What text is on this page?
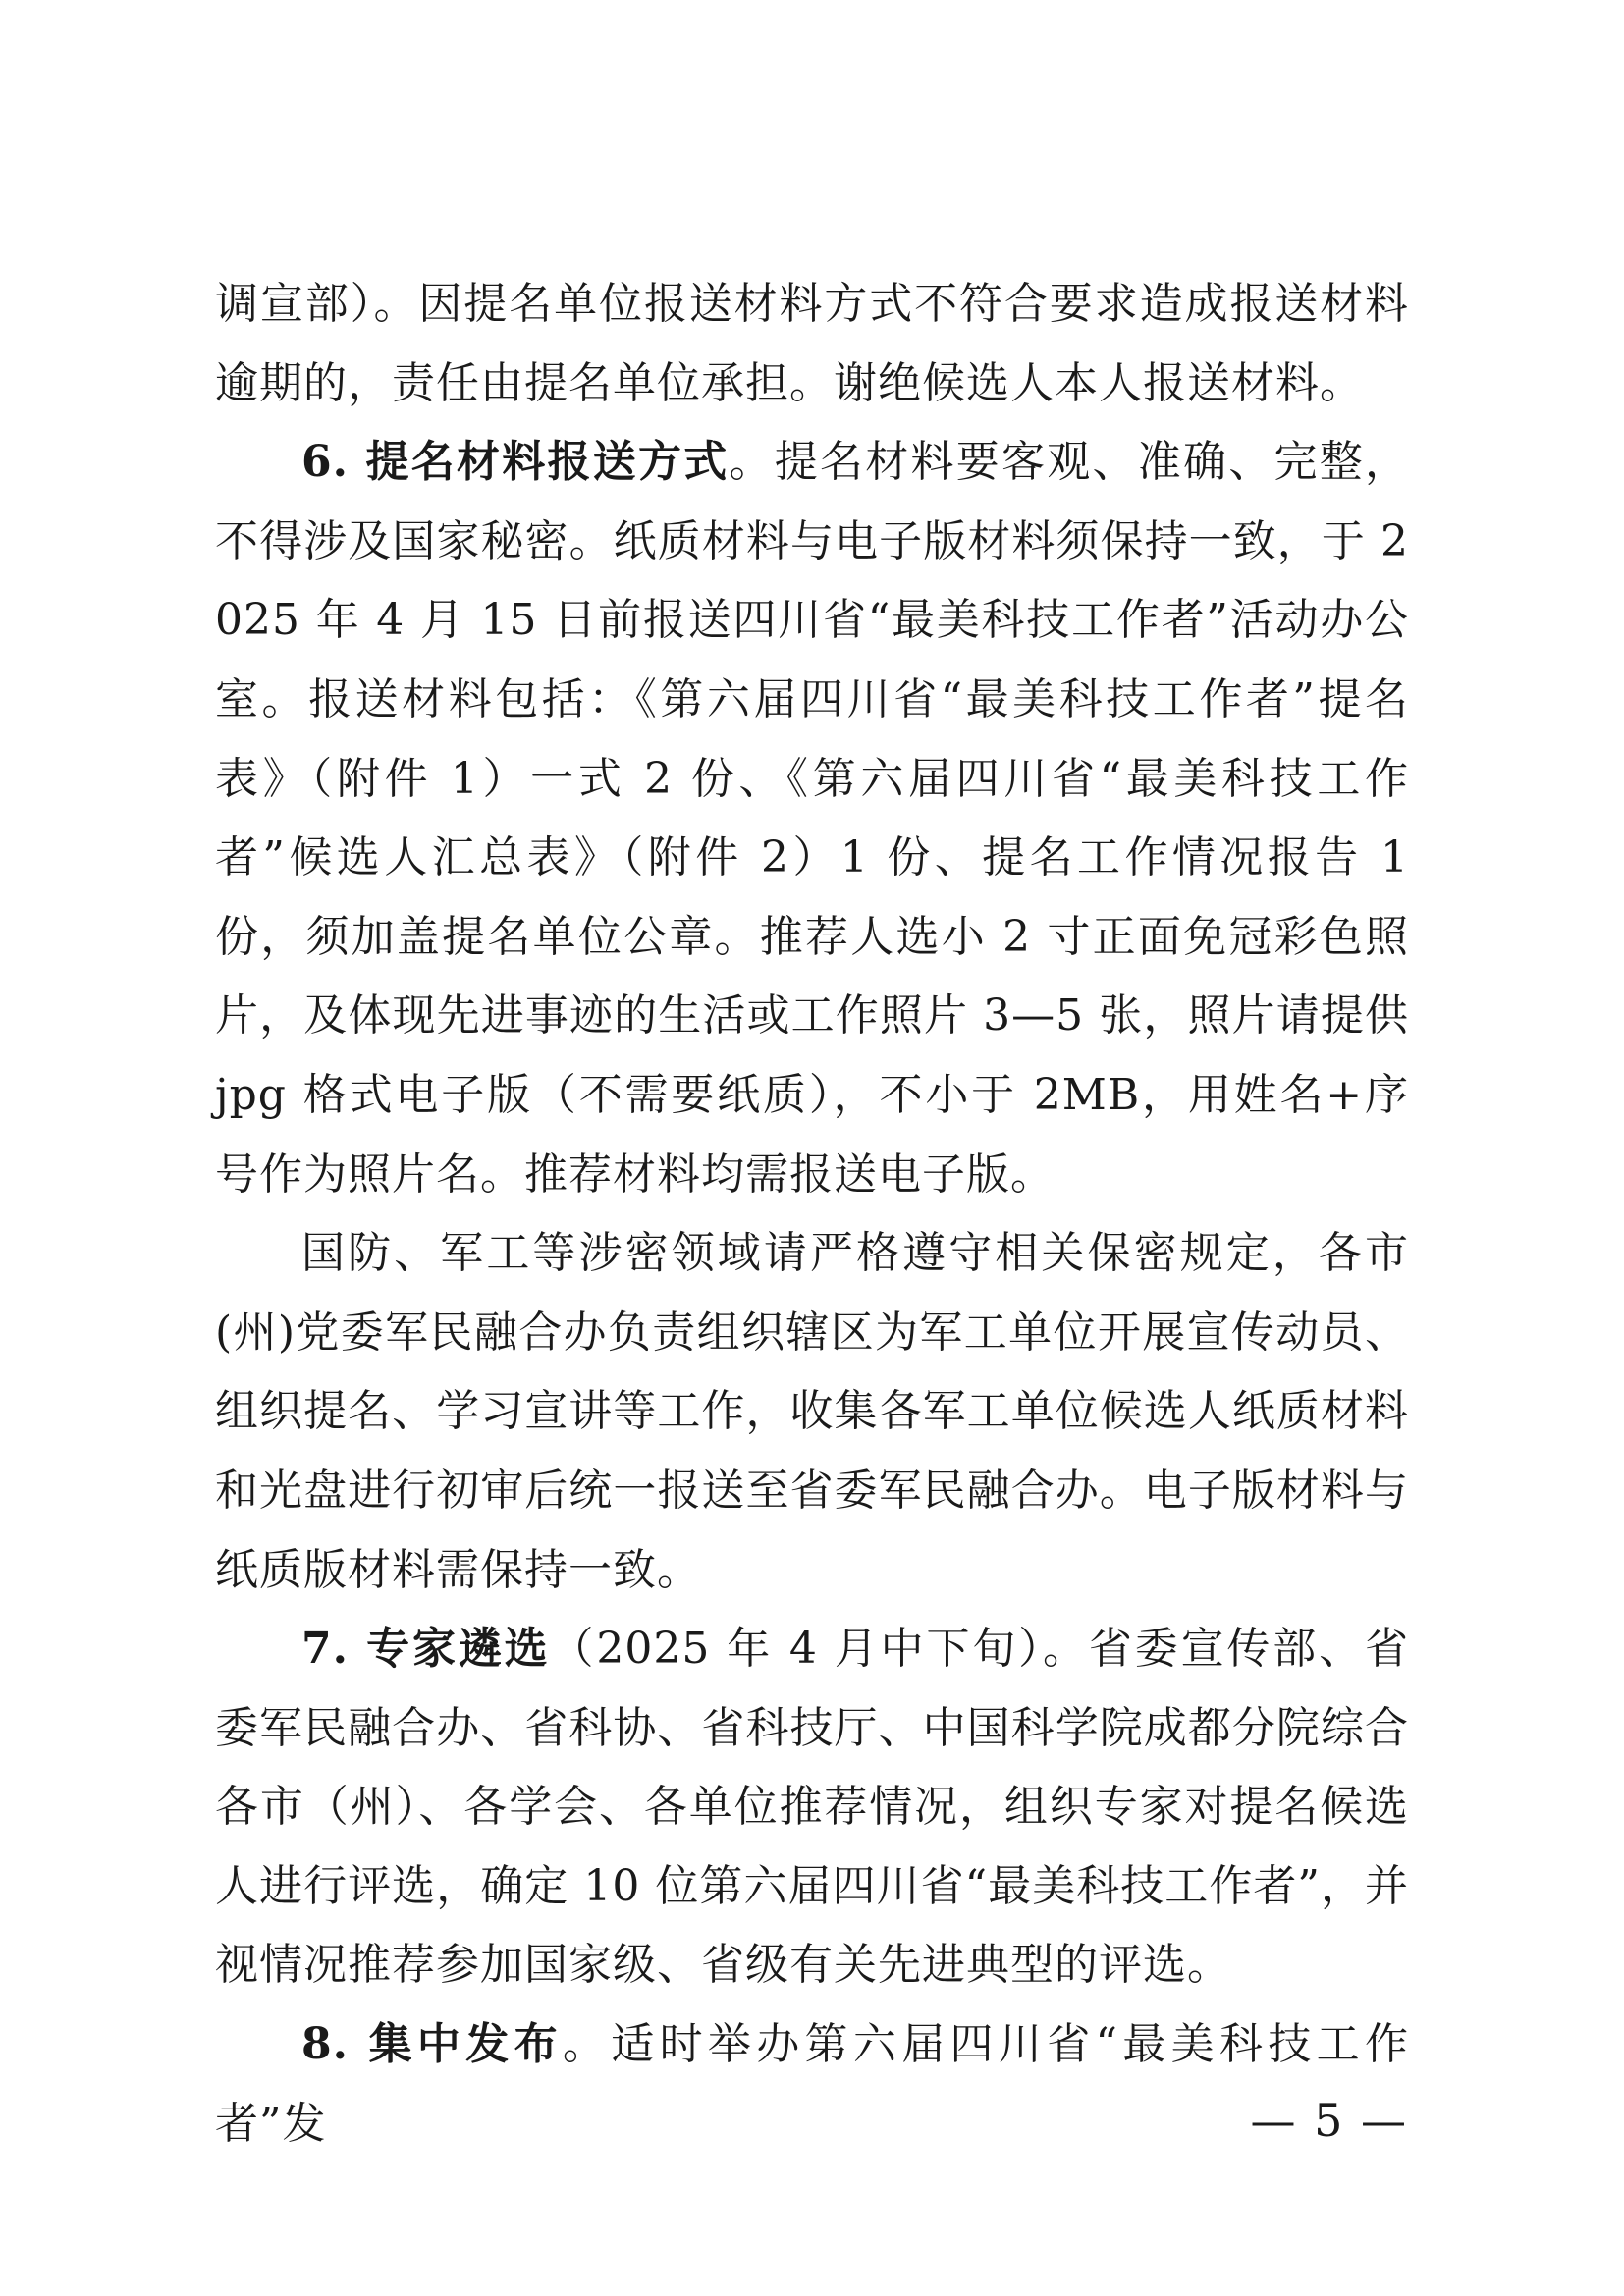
调宣部）。因提名单位报送材料方式不符合要求造成报送材料逾期的，责任由提名单位承担。谢绝候选人本人报送材料。

6. 提名材料报送方式。提名材料要客观、准确、完整，不得涉及国家秘密。纸质材料与电子版材料须保持一致，于 2025 年 4 月 15 日前报送四川省“最美科技工作者”活动办公室。报送材料包括：《第六届四川省“最美科技工作者”提名表》（附件 1）一式 2 份、《第六届四川省“最美科技工作者”候选人汇总表》（附件 2）1 份、提名工作情况报告 1 份，须加盖提名单位公章。推荐人选小 2 寸正面免冠彩色照片，及体现先进事迹的生活或工作照片 3—5 张，照片请提供 jpg 格式电子版（不需要纸质），不小于 2MB，用姓名+序号作为照片名。推荐材料均需报送电子版。

国防、军工等涉密领域请严格遵守相关保密规定，各市(州)党委军民融合办负责组织辖区为军工单位开展宣传动员、组织提名、学习宣讲等工作，收集各军工单位候选人纸质材料和光盘进行初审后统一报送至省委军民融合办。电子版材料与纸质版材料需保持一致。

7. 专家遴选（2025 年 4 月中下旬）。省委宣传部、省委军民融合办、省科协、省科技厅、中国科学院成都分院综合各市（州）、各学会、各单位推荐情况，组织专家对提名候选人进行评选，确定 10 位第六届四川省“最美科技工作者”，并视情况推荐参加国家级、省级有关先进典型的评选。

8. 集中发布。适时举办第六届四川省“最美科技工作者”发	— 5 —
